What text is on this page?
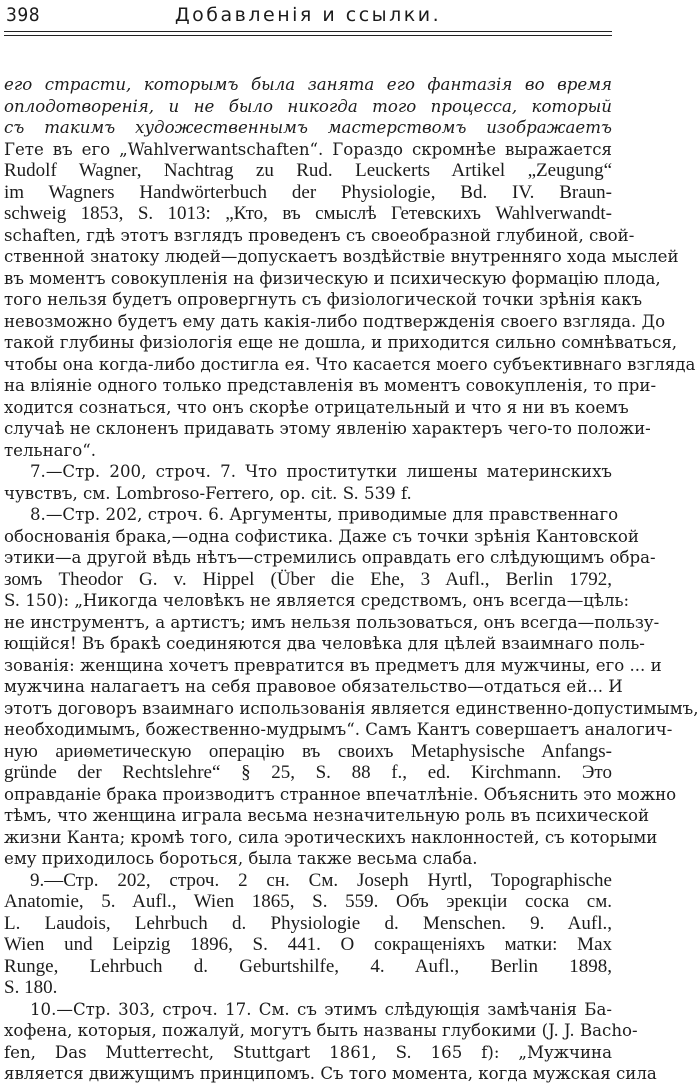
398	Добавленія и ссылки.
его страсти, которымъ была занята его фантазія во время
оплодотворенія, и не было никогда того процесса, который
съ такимъ художественнымъ мастерствомъ изображаетъ
Гете въ его „Wahlverwantschaften“. Гораздо скромнѣе выражается
Rudolf Wagner, Nachtrag zu Rud. Leuckerts Artikel „Zeugung“
im Wagners Handwörterbuch der Physiologie, Bd. IV. Braun-
schweig 1853, S. 1013: „Кто, въ смыслѣ Гетевскихъ Wahlverwandt-
schaften, гдѣ этотъ взглядъ проведенъ съ своеобразной глубиной, свой-
ственной знатоку людей—допускаетъ воздѣйствіе внутренняго хода мыслей
въ моментъ совокупленія на физическую и психическую формацію плода,
того нельзя будетъ опровергнуть съ физіологической точки зрѣнія какъ
невозможно будетъ ему дать какія-либо подтвержденія своего взгляда. До
такой глубины физіологія еще не дошла, и приходится сильно сомнѣваться,
чтобы она когда-либо достигла ея. Что касается моего субъективнаго взгляда
на вліяніе одного только представленія въ моментъ совокупленія, то при-
ходится сознаться, что онъ скорѣе отрицательный и что я ни въ коемъ
случаѣ не склоненъ придавать этому явленію характеръ чего-то положи-
тельнаго“.
7.—Стр. 200, строч. 7. Что проститутки лишены материнскихъ
чувствъ, см. Lombroso-Ferrero, op. cit. S. 539 f.
8.—Стр. 202, строч. 6. Аргументы, приводимые для правственнаго
обоснованія брака,—одна софистика. Даже съ точки зрѣнія Кантовской
этики—а другой вѣдь нѣтъ—стремились оправдать его слѣдующимъ обра-
зомъ Theodor G. v. Hippel (Über die Ehe, 3 Aufl., Berlin 1792,
S. 150): „Никогда человѣкъ не является средствомъ, онъ всегда—цѣль:
не инструментъ, а артистъ; имъ нельзя пользоваться, онъ всегда—пользу-
ющійся! Въ бракѣ соединяются два человѣка для цѣлей взаимнаго поль-
зованія: женщина хочетъ превратится въ предметъ для мужчины, его ... и
мужчина налагаетъ на себя правовое обязательство—отдаться ей... И
этотъ договоръ взаимнаго использованія является единственно-допустимымъ,
необходимымъ, божественно-мудрымъ“. Самъ Кантъ совершаетъ аналогич-
ную ариѳметическую операцію въ своихъ Metaphysische Anfangs-
gründe der Rechtslehre“ § 25, S. 88 f., ed. Kirchmann. Это
оправданіе брака производитъ странное впечатлѣніе. Объяснить это можно
тѣмъ, что женщина играла весьма незначительную роль въ психической
жизни Канта; кромѣ того, сила эротическихъ наклонностей, съ которыми
ему приходилось бороться, была также весьма слаба.
9.—Стр. 202, строч. 2 сн. См. Joseph Hyrtl, Topographische
Anatomie, 5. Aufl., Wien 1865, S. 559. Объ эрекціи соска см.
L. Laudois, Lehrbuch d. Physiologie d. Menschen. 9. Aufl.,
Wien und Leipzig 1896, S. 441. О сокращеніяхъ матки: Max
Runge, Lehrbuch d. Geburtshilfe, 4. Aufl., Berlin 1898,
S. 180.
10.—Стр. 303, строч. 17. См. съ этимъ слѣдующія замѣчанія Ба-
хофена, которыя, пожалуй, могутъ быть названы глубокими (J. J. Bacho-
fen, Das Mutterrecht, Stuttgart 1861, S. 165 f): „Мужчина
является движущимъ принципомъ. Съ того момента, когда мужская сила
